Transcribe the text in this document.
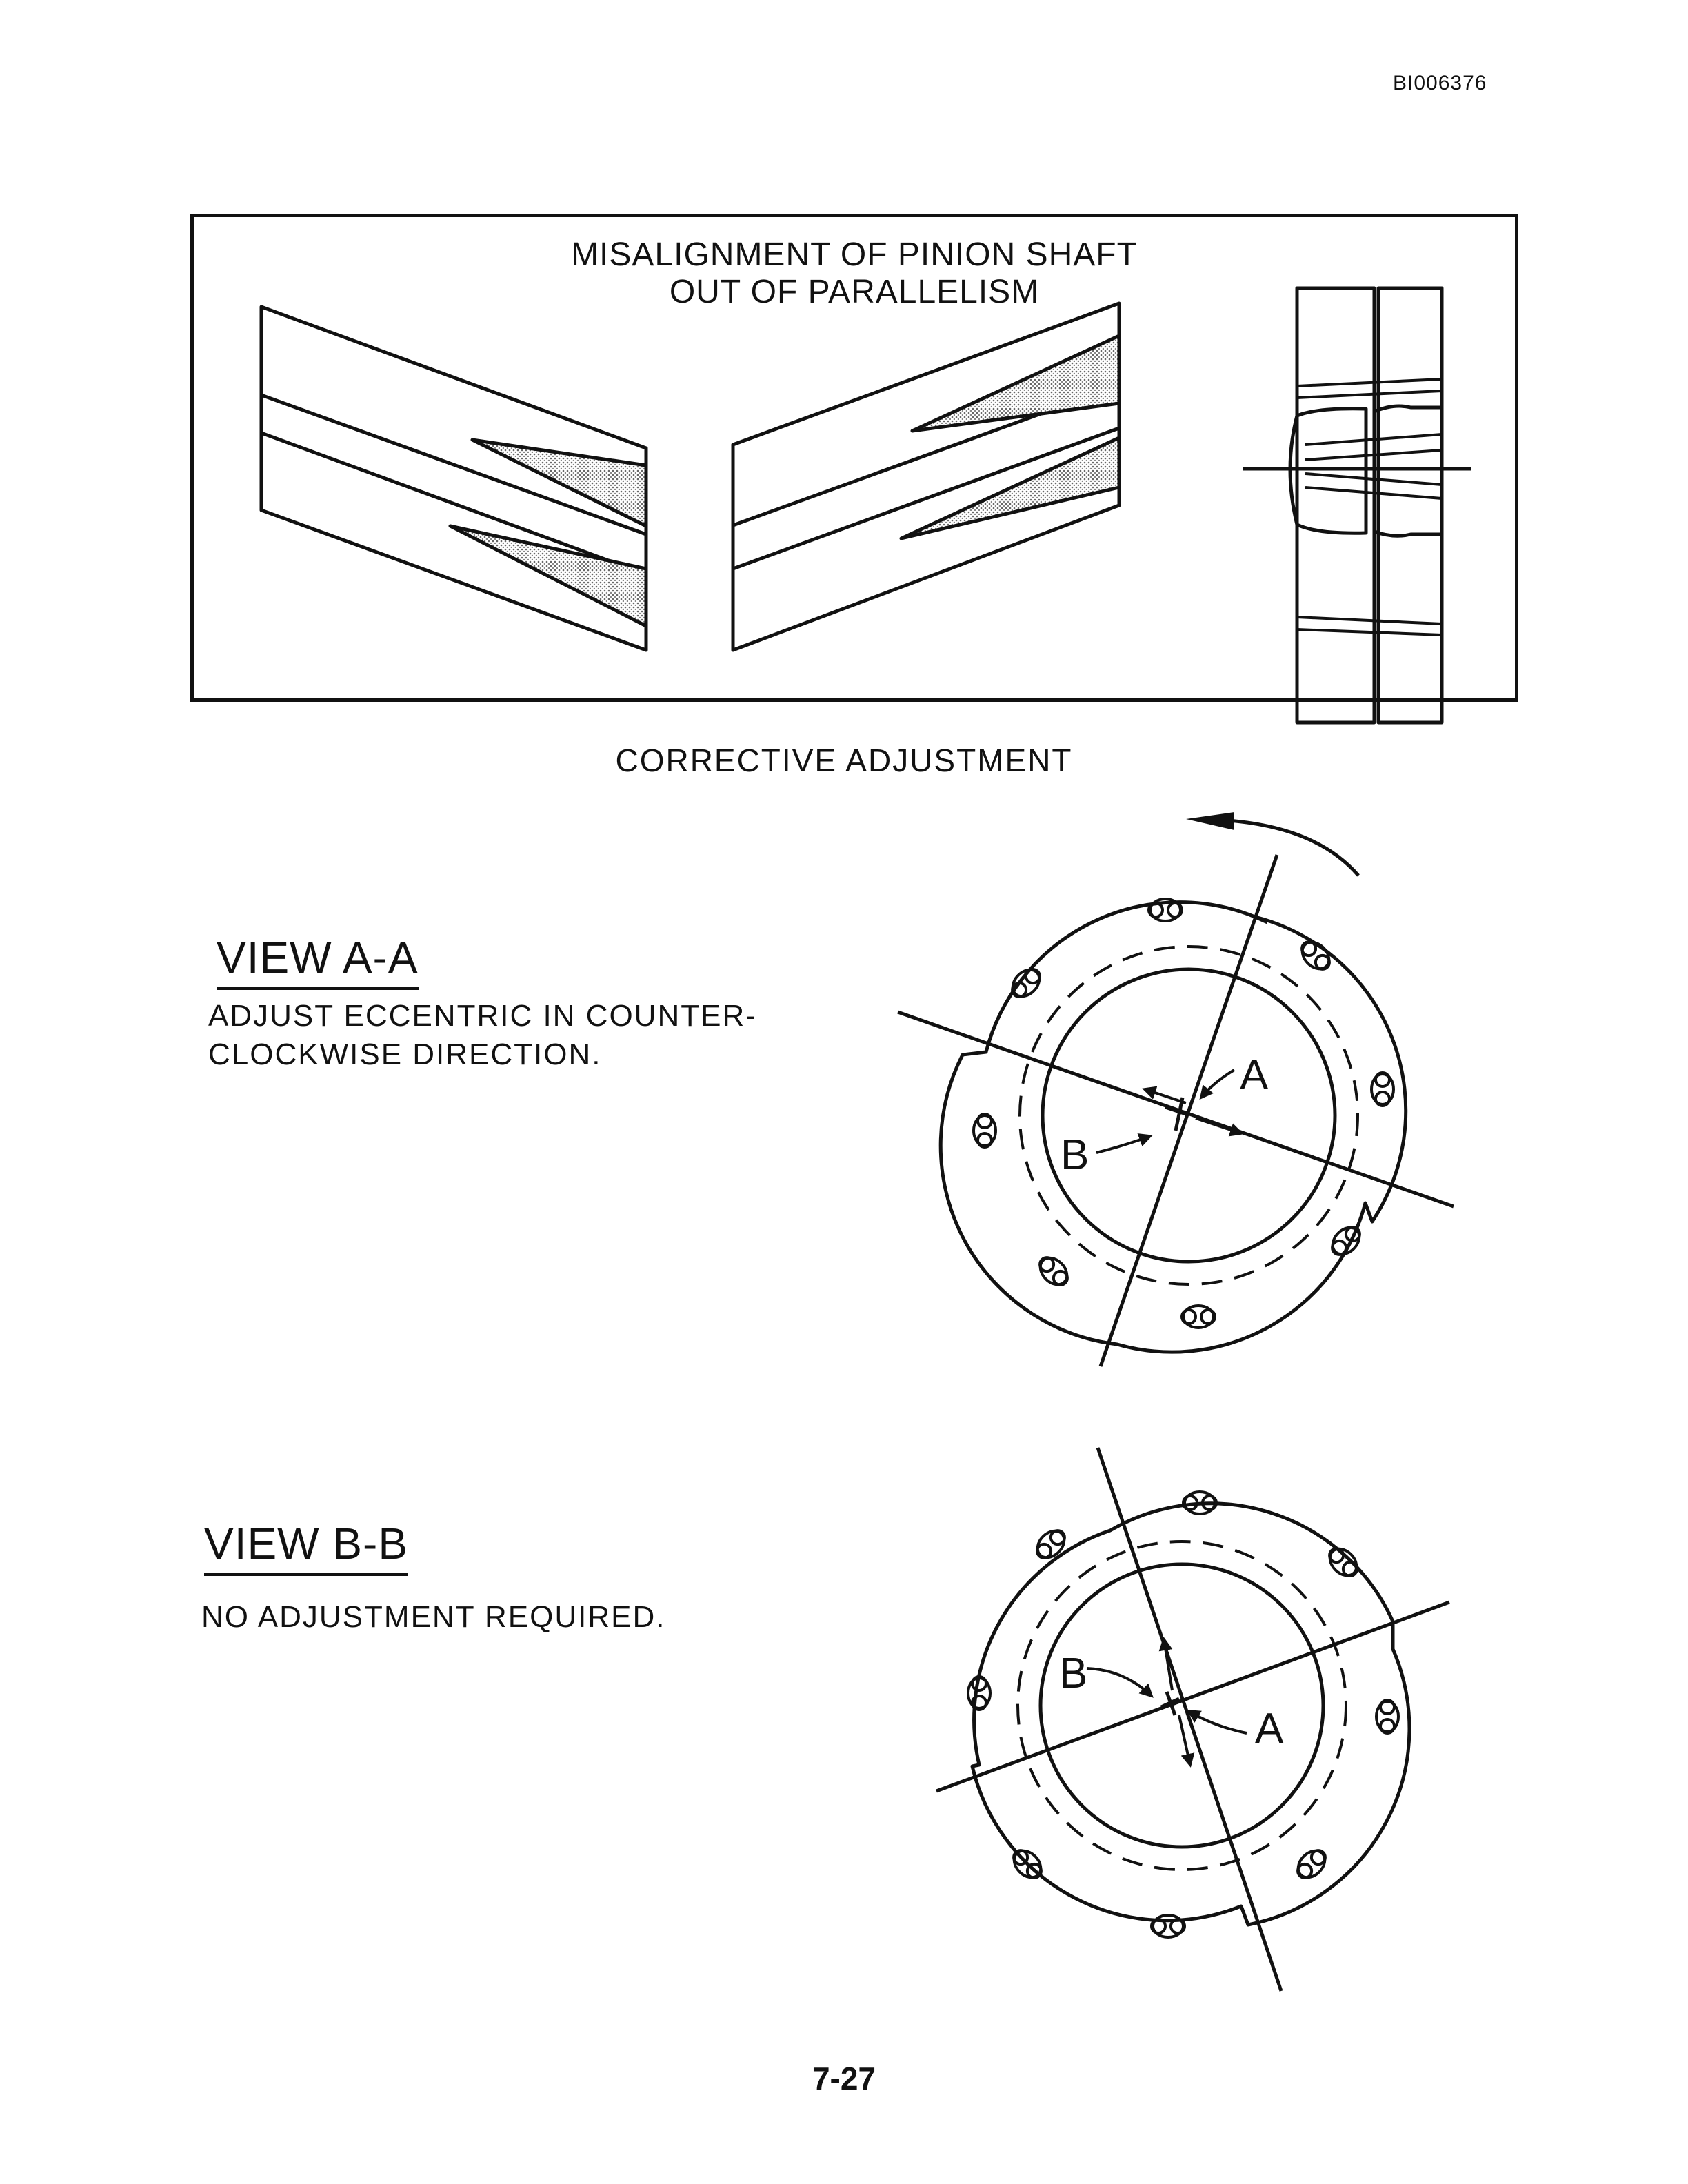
BI006376
MISALIGNMENT OF PINION SHAFT
OUT OF PARALLELISM
CORRECTIVE ADJUSTMENT
VIEW A-A
ADJUST ECCENTRIC IN COUNTER-
CLOCKWISE DIRECTION.	A
B
VIEW B-B
NO ADJUSTMENT REQUIRED.
B
A
7-27
